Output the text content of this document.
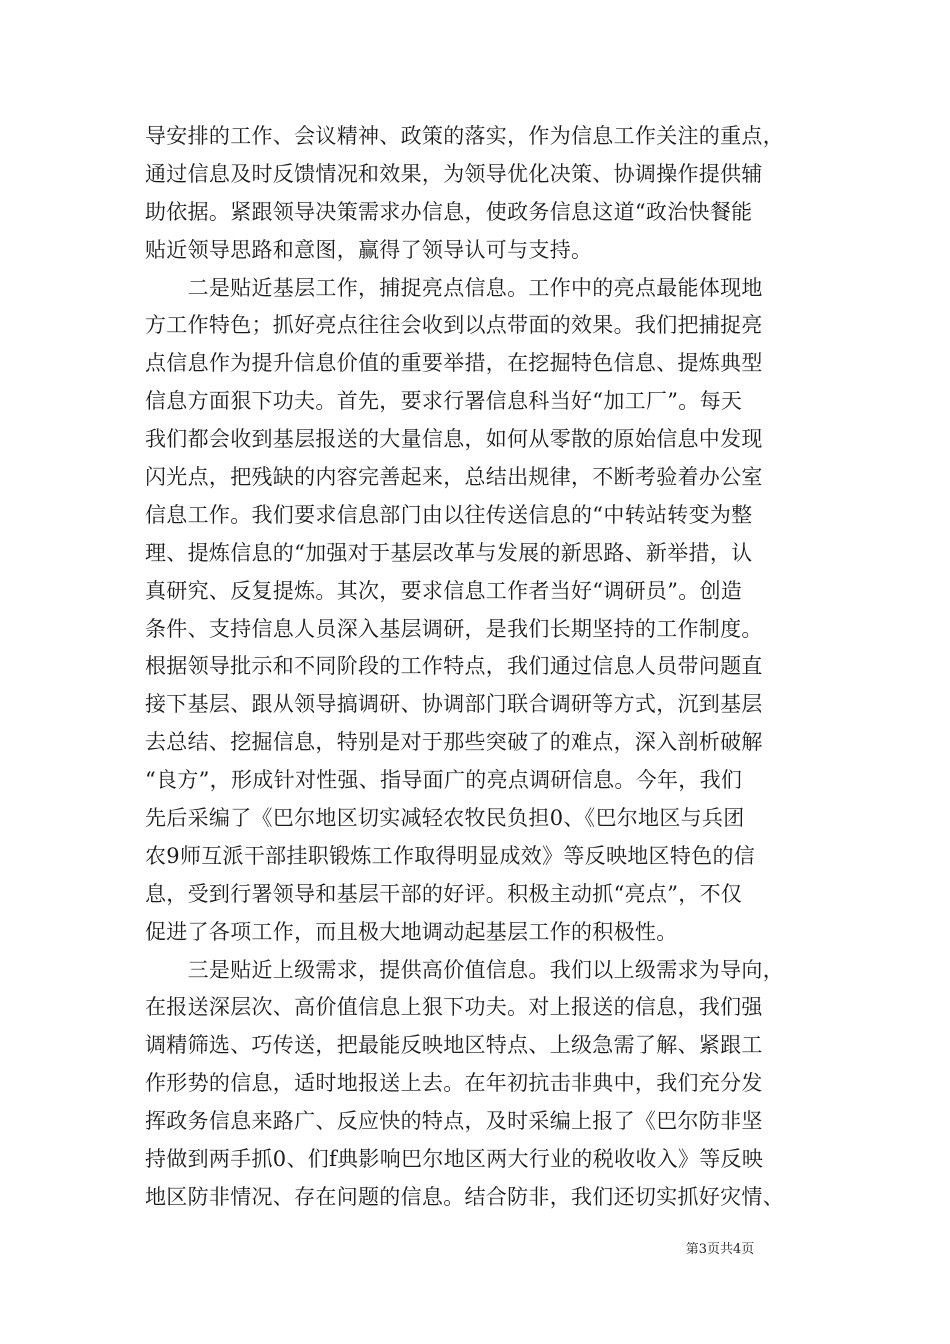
导安排的工作、会议精神、政策的落实，作为信息工作关注的重点，
通过信息及时反馈情况和效果，为领导优化决策、协调操作提供辅
助依据。紧跟领导决策需求办信息，使政务信息这道“政治快餐能
贴近领导思路和意图，赢得了领导认可与支持。
　　二是贴近基层工作，捕捉亮点信息。工作中的亮点最能体现地
方工作特色；抓好亮点往往会收到以点带面的效果。我们把捕捉亮
点信息作为提升信息价值的重要举措，在挖掘特色信息、提炼典型
信息方面狠下功夫。首先，要求行署信息科当好“加工厂”。每天
我们都会收到基层报送的大量信息，如何从零散的原始信息中发现
闪光点，把残缺的内容完善起来，总结出规律，不断考验着办公室
信息工作。我们要求信息部门由以往传送信息的“中转站转变为整
理、提炼信息的“加强对于基层改革与发展的新思路、新举措，认
真研究、反复提炼。其次，要求信息工作者当好“调研员”。创造
条件、支持信息人员深入基层调研，是我们长期坚持的工作制度。
根据领导批示和不同阶段的工作特点，我们通过信息人员带问题直
接下基层、跟从领导搞调研、协调部门联合调研等方式，沉到基层
去总结、挖掘信息，特别是对于那些突破了的难点，深入剖析破解
“良方”，形成针对性强、指导面广的亮点调研信息。今年，我们
先后采编了《巴尔地区切实减轻农牧民负担0、《巴尔地区与兵团
农9师互派干部挂职锻炼工作取得明显成效》等反映地区特色的信
息，受到行署领导和基层干部的好评。积极主动抓“亮点”，不仅
促进了各项工作，而且极大地调动起基层工作的积极性。
　　三是贴近上级需求，提供高价值信息。我们以上级需求为导向，
在报送深层次、高价值信息上狠下功夫。对上报送的信息，我们强
调精筛选、巧传送，把最能反映地区特点、上级急需了解、紧跟工
作形势的信息，适时地报送上去。在年初抗击非典中，我们充分发
挥政务信息来路广、反应快的特点，及时采编上报了《巴尔防非坚
持做到两手抓0、们f典影响巴尔地区两大行业的税收收入》等反映
地区防非情况、存在问题的信息。结合防非，我们还切实抓好灾情、
第3页共4页
